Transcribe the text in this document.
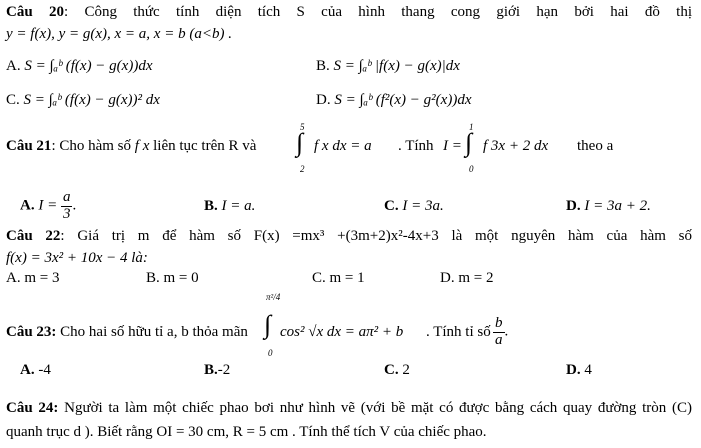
Câu 20: Công thức tính diện tích S của hình thang cong giới hạn bởi hai đồ thị
y = f(x), y = g(x), x = a, x = b (a<b) .
A. S = ∫ₐᵇ (f(x) − g(x))dx	B. S = ∫ₐᵇ |f(x) − g(x)|dx
C. S = ∫ₐᵇ (f(x) − g(x))² dx	D. S = ∫ₐᵇ (f²(x) − g²(x))dx
Câu 21: Cho hàm số f x liên tục trên R và
5
∫
2
f x dx = a . Tính I =
1
∫
0
f 3x + 2 dx theo a
A. $I = \frac{a}{3}$ .	B. I = a.	C. I = 3a.	D. I = 3a + 2.
Câu 22: Giá trị m để hàm số F(x) =mx³ +(3m+2)x²-4x+3 là một nguyên hàm của hàm số
f(x) = 3x² + 10x − 4 là:
A. m = 3	B. m = 0	C. m = 1	D. m = 2
Câu 23: Cho hai số hữu tỉ a, b thỏa mãn
π²/4
∫
0
cos² √x dx = aπ² + b . Tính tỉ số $\frac{b}{a}$ .
A. -4	B.-2	C. 2	D. 4
Câu 24: Người ta làm một chiếc phao bơi như hình vẽ (với bề mặt có được bằng cách quay đường tròn (C)
quanh trục d ). Biết rằng OI = 30 cm, R = 5 cm . Tính thể tích V của chiếc phao.
